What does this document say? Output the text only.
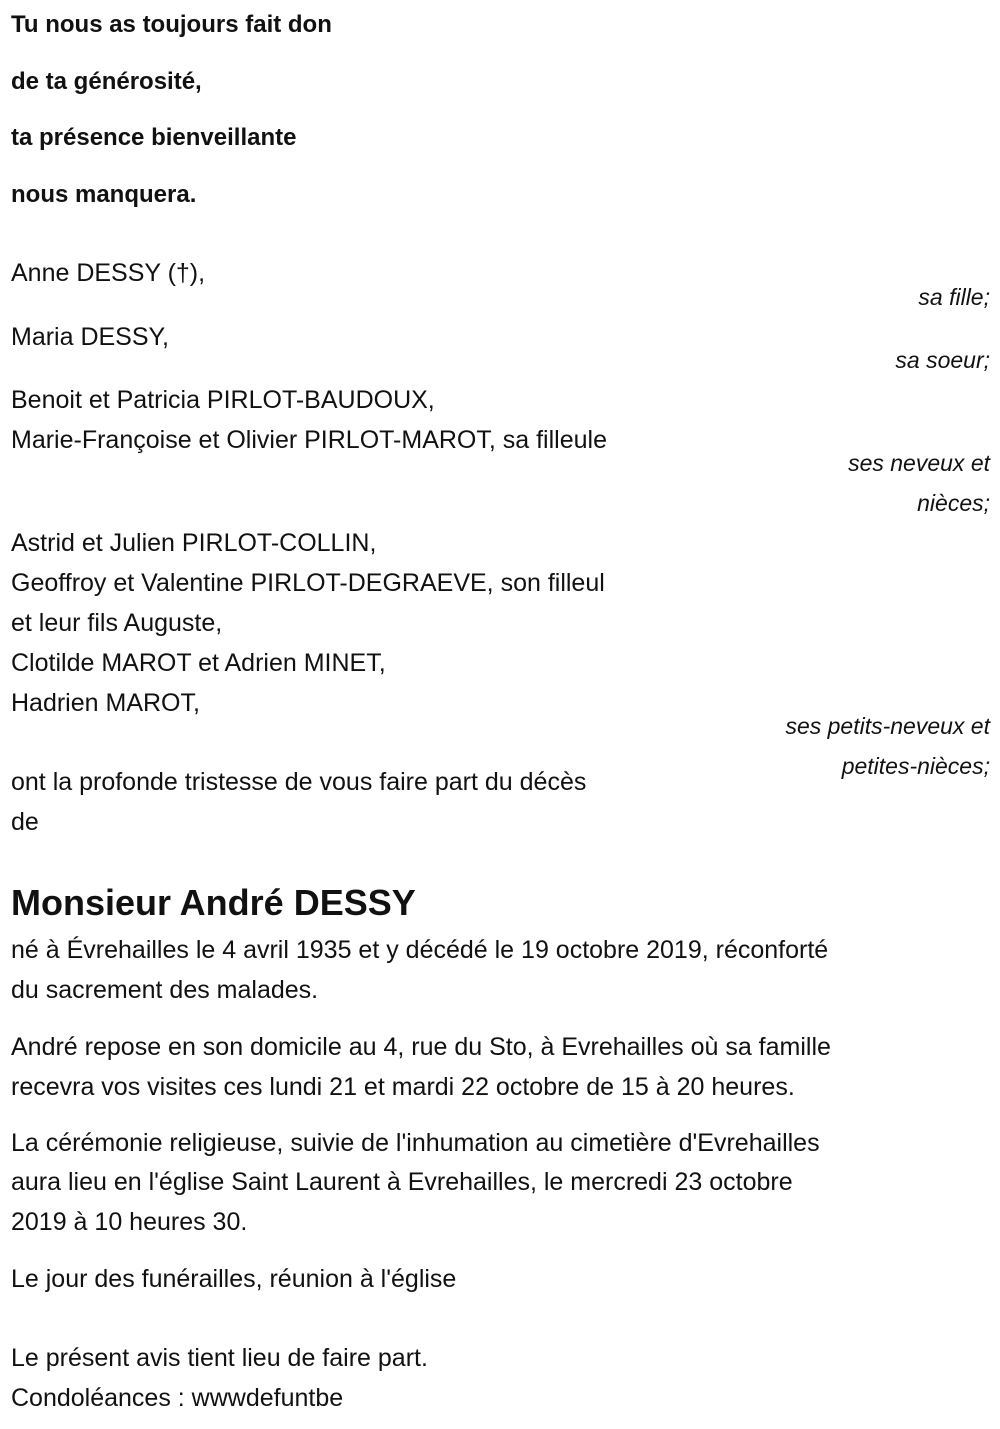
Tu nous as toujours fait don
de ta générosité,
ta présence bienveillante
nous manquera.
Anne DESSY (†),
sa fille;
Maria DESSY,
sa soeur;
Benoit et Patricia PIRLOT-BAUDOUX,
Marie-Françoise et Olivier PIRLOT-MAROT, sa filleule
ses neveux et
nièces;
Astrid et Julien PIRLOT-COLLIN,
Geoffroy et Valentine PIRLOT-DEGRAEVE, son filleul
et leur fils Auguste,
Clotilde MAROT et Adrien MINET,
Hadrien MAROT,
ses petits-neveux et
petites-nièces;
ont la profonde tristesse de vous faire part du décès
de
Monsieur André DESSY
né à Évrehailles le 4 avril 1935 et y décédé le 19 octobre 2019, réconforté
du sacrement des malades.
André repose en son domicile au 4, rue du Sto, à Evrehailles où sa famille
recevra vos visites ces lundi 21 et mardi 22 octobre de 15 à 20 heures.
La cérémonie religieuse, suivie de l'inhumation au cimetière d'Evrehailles
aura lieu en l'église Saint Laurent à Evrehailles, le mercredi 23 octobre
2019 à 10 heures 30.
Le jour des funérailles, réunion à l'église
Le présent avis tient lieu de faire part.
Condoléances : wwwdefuntbe
